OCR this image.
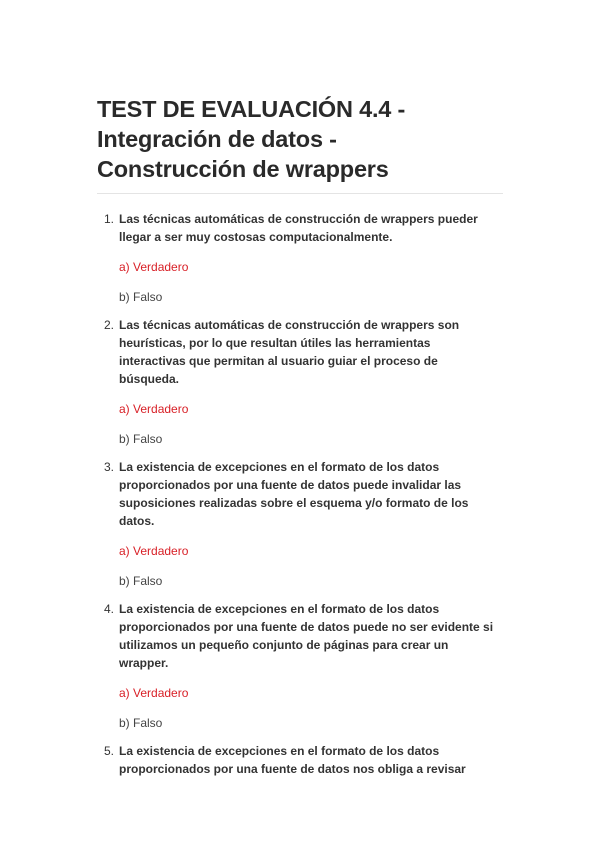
TEST DE EVALUACIÓN 4.4 -
Integración de datos -
Construcción de wrappers
1. Las técnicas automáticas de construcción de wrappers pueder
llegar a ser muy costosas computacionalmente.
a) Verdadero
b) Falso
2. Las técnicas automáticas de construcción de wrappers son
heurísticas, por lo que resultan útiles las herramientas
interactivas que permitan al usuario guiar el proceso de
búsqueda.
a) Verdadero
b) Falso
3. La existencia de excepciones en el formato de los datos
proporcionados por una fuente de datos puede invalidar las
suposiciones realizadas sobre el esquema y/o formato de los
datos.
a) Verdadero
b) Falso
4. La existencia de excepciones en el formato de los datos
proporcionados por una fuente de datos puede no ser evidente si
utilizamos un pequeño conjunto de páginas para crear un
wrapper.
a) Verdadero
b) Falso
5. La existencia de excepciones en el formato de los datos
proporcionados por una fuente de datos nos obliga a revisar
